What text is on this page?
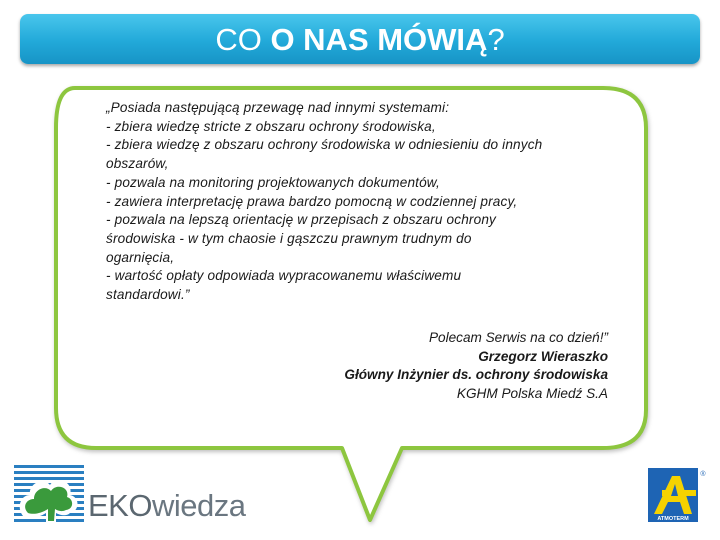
CO O NAS MÓWIĄ?
„Posiada następującą przewagę nad innymi systemami:
- zbiera wiedzę stricte z obszaru ochrony środowiska,
- zbiera wiedzę z obszaru ochrony środowiska w odniesieniu do innych
obszarów,
- pozwala na monitoring projektowanych dokumentów,
- zawiera interpretację prawa bardzo pomocną w codziennej pracy,
- pozwala na lepszą orientację w przepisach z obszaru ochrony
środowiska - w tym chaosie i gąszczu prawnym trudnym do
ogarnięcia,
- wartość opłaty odpowiada wypracowanemu właściwemu
standardowi.”
Polecam Serwis na co dzień!”
Grzegorz Wieraszko
Główny Inżynier ds. ochrony środowiska
KGHM Polska Miedź S.A
EKOwiedza	ATMOTERM
®
